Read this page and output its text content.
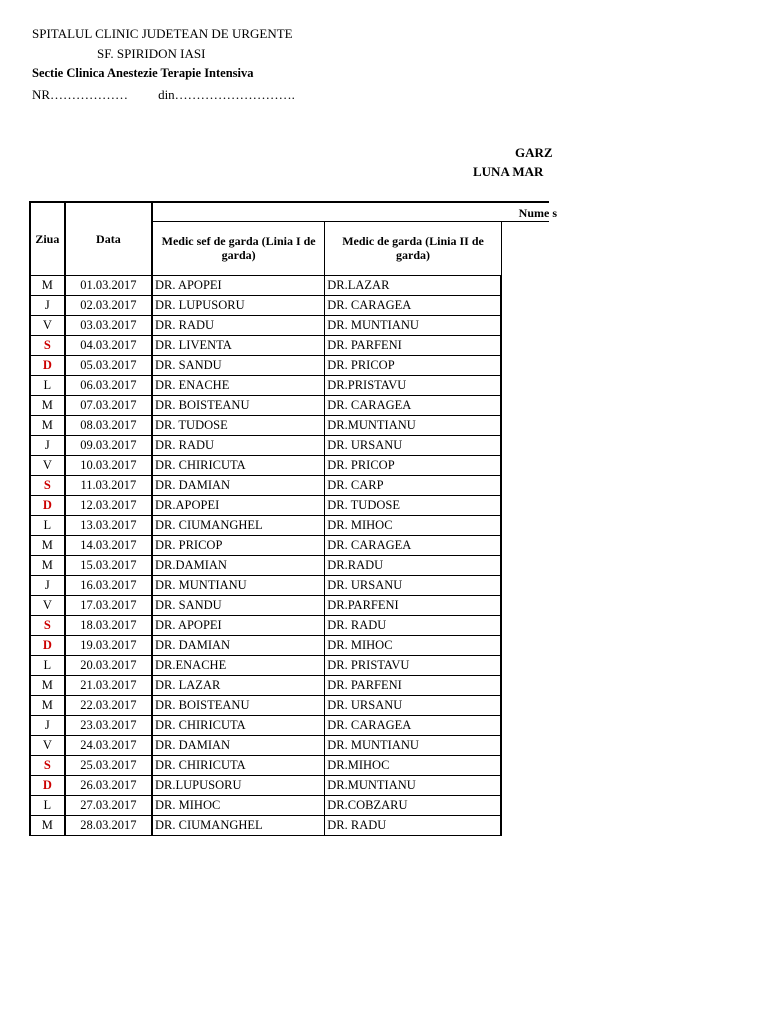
SPITALUL CLINIC JUDETEAN DE URGENTE
SF. SPIRIDON IASI
Sectie Clinica Anestezie Terapie Intensiva
NR……………… din……………………….
GARZ
LUNA MAR
Ziua	Data	Nume s		
		Medic sef de garda (Linia I de garda)	Medic de garda (Linia II de garda)	
M	01.03.2017	DR. APOPEI	DR.LAZAR	
J	02.03.2017	DR. LUPUSORU	DR. CARAGEA	
V	03.03.2017	DR. RADU	DR. MUNTIANU	
S	04.03.2017	DR. LIVENTA	DR. PARFENI	
D	05.03.2017	DR. SANDU	DR. PRICOP	
L	06.03.2017	DR. ENACHE	DR.PRISTAVU	
M	07.03.2017	DR. BOISTEANU	DR. CARAGEA	
M	08.03.2017	DR. TUDOSE	DR.MUNTIANU	
J	09.03.2017	DR. RADU	DR. URSANU	
V	10.03.2017	DR. CHIRICUTA	DR. PRICOP	
S	11.03.2017	DR. DAMIAN	DR. CARP	
D	12.03.2017	DR.APOPEI	DR. TUDOSE	
L	13.03.2017	DR. CIUMANGHEL	DR. MIHOC	
M	14.03.2017	DR. PRICOP	DR. CARAGEA	
M	15.03.2017	DR.DAMIAN	DR.RADU	
J	16.03.2017	DR. MUNTIANU	DR. URSANU	
V	17.03.2017	DR. SANDU	DR.PARFENI	
S	18.03.2017	DR. APOPEI	DR. RADU	
D	19.03.2017	DR. DAMIAN	DR. MIHOC	
L	20.03.2017	DR.ENACHE	DR. PRISTAVU	
M	21.03.2017	DR. LAZAR	DR. PARFENI	
M	22.03.2017	DR. BOISTEANU	DR. URSANU	
J	23.03.2017	DR. CHIRICUTA	DR. CARAGEA	
V	24.03.2017	DR. DAMIAN	DR. MUNTIANU	
S	25.03.2017	DR. CHIRICUTA	DR.MIHOC	
D	26.03.2017	DR.LUPUSORU	DR.MUNTIANU	
L	27.03.2017	DR. MIHOC	DR.COBZARU	
M	28.03.2017	DR. CIUMANGHEL	DR. RADU	
